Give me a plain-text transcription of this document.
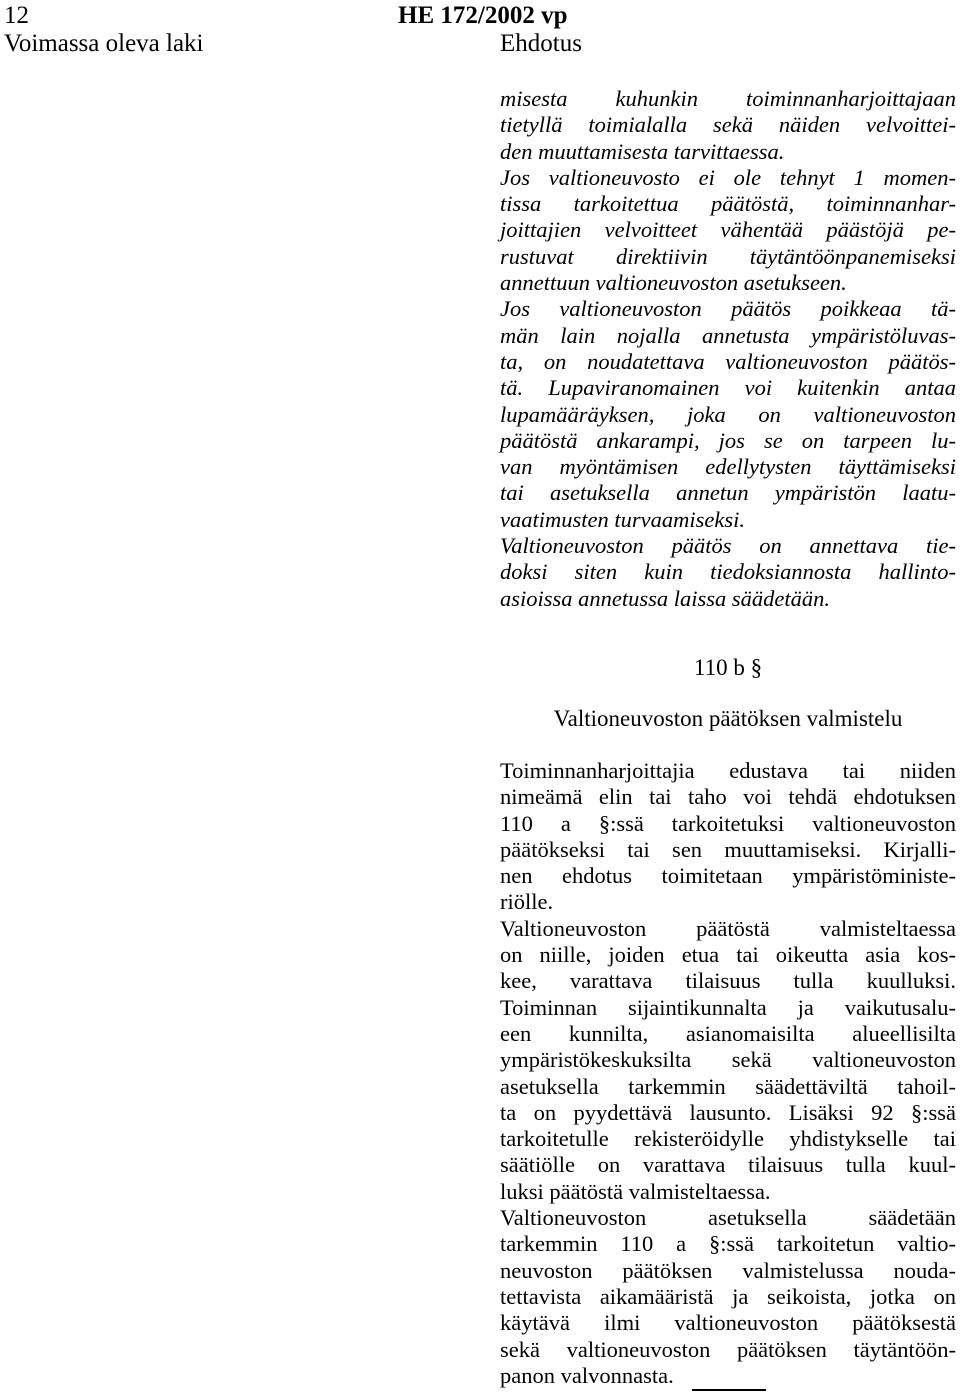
12	HE 172/2002 vp
Voimassa oleva laki	Ehdotus
misesta kuhunkin toiminnanharjoittajaan
tietyllä toimialalla sekä näiden velvoittei-
den muuttamisesta tarvittaessa.
Jos valtioneuvosto ei ole tehnyt 1 momen-
tissa tarkoitettua päätöstä, toiminnanhar-
joittajien velvoitteet vähentää päästöjä pe-
rustuvat direktiivin täytäntöönpanemiseksi
annettuun valtioneuvoston asetukseen.
Jos valtioneuvoston päätös poikkeaa tä-
män lain nojalla annetusta ympäristöluvas-
ta, on noudatettava valtioneuvoston päätös-
tä. Lupaviranomainen voi kuitenkin antaa
lupamääräyksen, joka on valtioneuvoston
päätöstä ankarampi, jos se on tarpeen lu-
van myöntämisen edellytysten täyttämiseksi
tai asetuksella annetun ympäristön laatu-
vaatimusten turvaamiseksi.
Valtioneuvoston päätös on annettava tie-
doksi siten kuin tiedoksiannosta hallinto-
asioissa annetussa laissa säädetään.
110 b §
Valtioneuvoston päätöksen valmistelu
Toiminnanharjoittajia edustava tai niiden
nimeämä elin tai taho voi tehdä ehdotuksen
110 a §:ssä tarkoitetuksi valtioneuvoston
päätökseksi tai sen muuttamiseksi. Kirjalli-
nen ehdotus toimitetaan ympäristöministe-
riölle.
Valtioneuvoston päätöstä valmisteltaessa
on niille, joiden etua tai oikeutta asia kos-
kee, varattava tilaisuus tulla kuulluksi.
Toiminnan sijaintikunnalta ja vaikutusalu-
een kunnilta, asianomaisilta alueellisilta
ympäristökeskuksilta sekä valtioneuvoston
asetuksella tarkemmin säädettäviltä tahoil-
ta on pyydettävä lausunto. Lisäksi 92 §:ssä
tarkoitetulle rekisteröidylle yhdistykselle tai
säätiölle on varattava tilaisuus tulla kuul-
luksi päätöstä valmisteltaessa.
Valtioneuvoston asetuksella säädetään
tarkemmin 110 a §:ssä tarkoitetun valtio-
neuvoston päätöksen valmistelussa nouda-
tettavista aikamääristä ja seikoista, jotka on
käytävä ilmi valtioneuvoston päätöksestä
sekä valtioneuvoston päätöksen täytäntöön-
panon valvonnasta.
